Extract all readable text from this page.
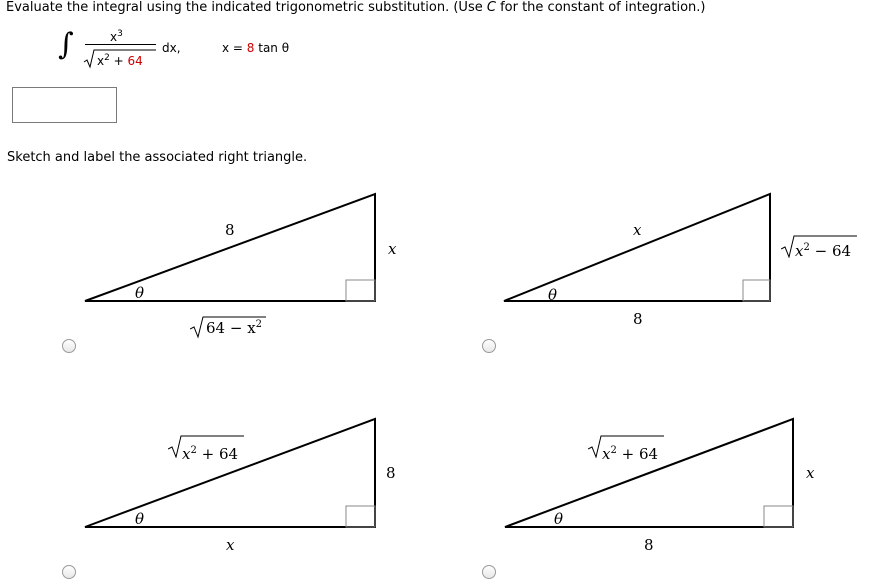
Evaluate the integral using the indicated trigonometric substitution. (Use C for the constant of integration.)
∫	$x^3$
$x^2 + 64$
dx,	x = 8 tan θ
Sketch and label the associated right triangle.
8
x
θ
$64 - x^2$
x
$x^2 - 64$
θ
8
$x^2 + 64$
8
θ
x
$x^2 + 64$
x
θ
8
